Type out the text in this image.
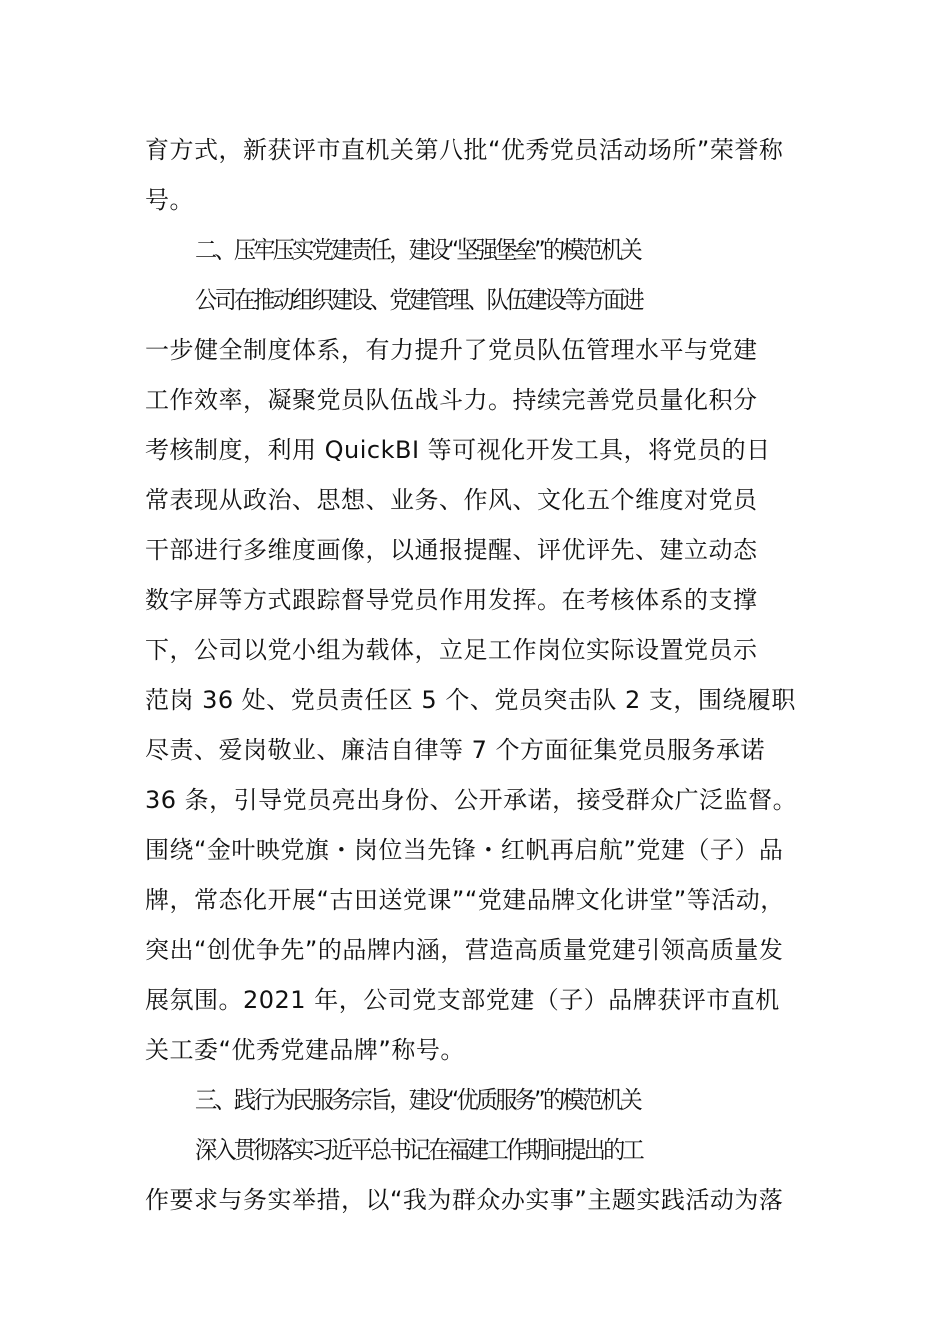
育方式，新获评市直机关第八批“优秀党员活动场所”荣誉称
号。
二、压牢压实党建责任，建设“坚强堡垒”的模范机关
公司在推动组织建设、党建管理、队伍建设等方面进
一步健全制度体系，有力提升了党员队伍管理水平与党建
工作效率，凝聚党员队伍战斗力。持续完善党员量化积分
考核制度，利用 QuickBI 等可视化开发工具，将党员的日
常表现从政治、思想、业务、作风、文化五个维度对党员
干部进行多维度画像，以通报提醒、评优评先、建立动态
数字屏等方式跟踪督导党员作用发挥。在考核体系的支撑
下，公司以党小组为载体，立足工作岗位实际设置党员示
范岗 36 处、党员责任区 5 个、党员突击队 2 支，围绕履职
尽责、爱岗敬业、廉洁自律等 7 个方面征集党员服务承诺
36 条，引导党员亮出身份、公开承诺，接受群众广泛监督。
围绕“金叶映党旗・岗位当先锋・红帆再启航”党建（子）品
牌，常态化开展“古田送党课”“党建品牌文化讲堂”等活动，
突出“创优争先”的品牌内涵，营造高质量党建引领高质量发
展氛围。2021 年，公司党支部党建（子）品牌获评市直机
关工委“优秀党建品牌”称号。
三、践行为民服务宗旨，建设“优质服务”的模范机关
深入贯彻落实习近平总书记在福建工作期间提出的工
作要求与务实举措，以“我为群众办实事”主题实践活动为落
